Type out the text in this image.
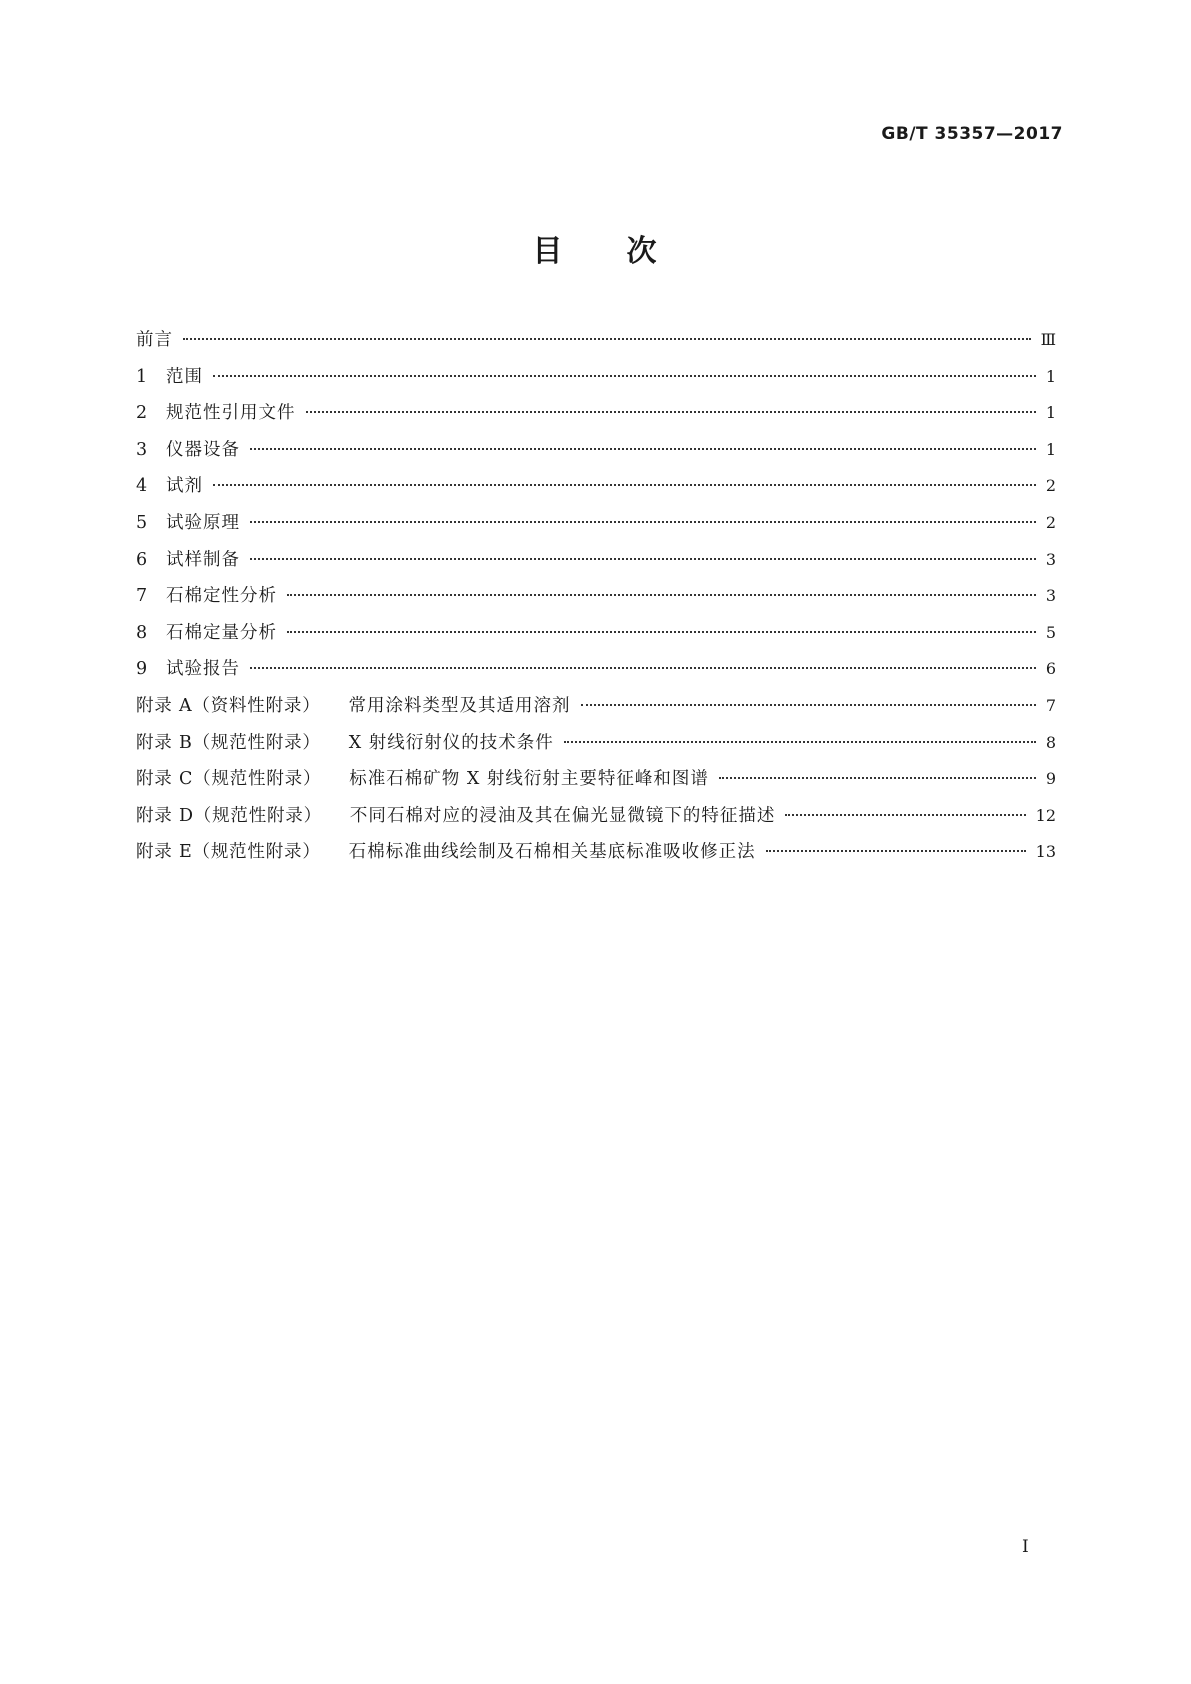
GB/T 35357—2017
目 次
前言	Ⅲ
1	范围	1
2	规范性引用文件	1
3	仪器设备	1
4	试剂	2
5	试验原理	2
6	试样制备	3
7	石棉定性分析	3
8	石棉定量分析	5
9	试验报告	6
附录 A（资料性附录） 常用涂料类型及其适用溶剂	7
附录 B（规范性附录） X 射线衍射仪的技术条件	8
附录 C（规范性附录） 标准石棉矿物 X 射线衍射主要特征峰和图谱	9
附录 D（规范性附录） 不同石棉对应的浸油及其在偏光显微镜下的特征描述	12
附录 E（规范性附录） 石棉标准曲线绘制及石棉相关基底标准吸收修正法	13
I
